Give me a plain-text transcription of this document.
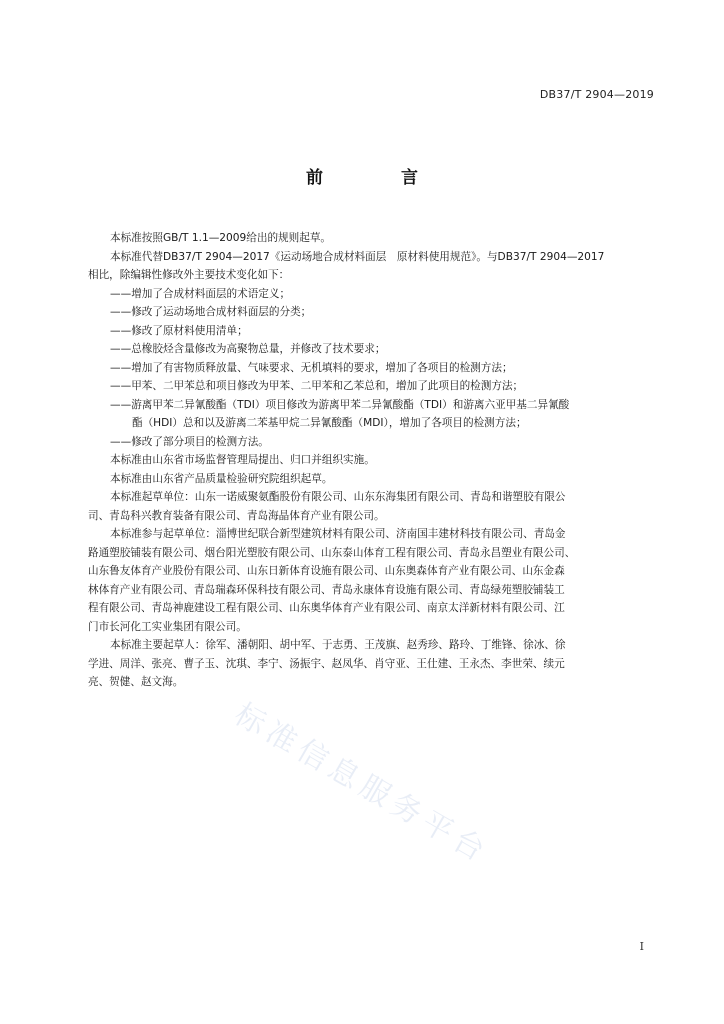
DB37/T 2904—2019
前 言

本标准按照GB/T 1.1—2009给出的规则起草。

本标准代替DB37/T 2904—2017《运动场地合成材料面层　原材料使用规范》。与DB37/T 2904—2017

相比，除编辑性修改外主要技术变化如下：

——增加了合成材料面层的术语定义；

——修改了运动场地合成材料面层的分类；

——修改了原材料使用清单；

——总橡胶烃含量修改为高聚物总量，并修改了技术要求；

——增加了有害物质释放量、气味要求、无机填料的要求，增加了各项目的检测方法；

——甲苯、二甲苯总和项目修改为甲苯、二甲苯和乙苯总和，增加了此项目的检测方法；

——游离甲苯二异氰酸酯（TDI）项目修改为游离甲苯二异氰酸酯（TDI）和游离六亚甲基二异氰酸

酯（HDI）总和以及游离二苯基甲烷二异氰酸酯（MDI），增加了各项目的检测方法；

——修改了部分项目的检测方法。

本标准由山东省市场监督管理局提出、归口并组织实施。

本标准由山东省产品质量检验研究院组织起草。

本标准起草单位：山东一诺威聚氨酯股份有限公司、山东东海集团有限公司、青岛和谐塑胶有限公

司、青岛科兴教育装备有限公司、青岛海晶体育产业有限公司。

本标准参与起草单位：淄博世纪联合新型建筑材料有限公司、济南国丰建材科技有限公司、青岛金

路通塑胶铺装有限公司、烟台阳光塑胶有限公司、山东泰山体育工程有限公司、青岛永昌塑业有限公司、

山东鲁友体育产业股份有限公司、山东日新体育设施有限公司、山东奥森体育产业有限公司、山东金森

林体育产业有限公司、青岛瑞森环保科技有限公司、青岛永康体育设施有限公司、青岛绿苑塑胶铺装工

程有限公司、青岛神鹿建设工程有限公司、山东奥华体育产业有限公司、南京太洋新材料有限公司、江

门市长河化工实业集团有限公司。

本标准主要起草人：徐军、潘朝阳、胡中军、于志勇、王茂旗、赵秀珍、路玲、丁维锋、徐冰、徐

学进、周洋、张亮、曹子玉、沈琪、李宁、汤振宇、赵凤华、肖守亚、王仕建、王永杰、李世荣、续元

亮、贺健、赵文海。

标准信息服务平台
I
